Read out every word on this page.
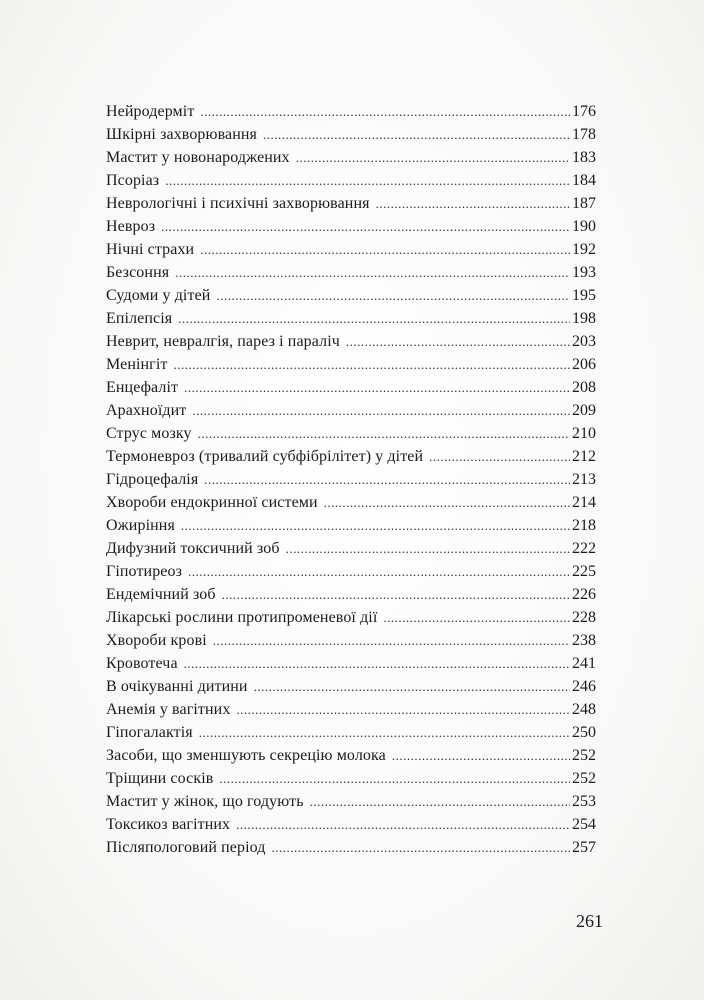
Нейродерміт .....	176
Шкірні захворювання .....	178
Мастит у новонароджених .....	183
Псоріаз .....	184
Неврологічні і психічні захворювання .....	187
Невроз .....	190
Нічні страхи .....	192
Безсоння .....	193
Судоми у дітей .....	195
Епілепсія .....	198
Неврит, невралгія, парез і параліч .....	203
Менінгіт .....	206
Енцефаліт .....	208
Арахноїдит .....	209
Струс мозку .....	210
Термоневроз (тривалий субфібрілітет) у дітей .....	212
Гідроцефалія .....	213
Хвороби ендокринної системи .....	214
Ожиріння .....	218
Дифузний токсичний зоб .....	222
Гіпотиреоз .....	225
Ендемічний зоб .....	226
Лікарські рослини протипроменевої дії .....	228
Хвороби крові .....	238
Кровотеча .....	241
В очікуванні дитини .....	246
Анемія у вагітних .....	248
Гіпогалактія .....	250
Засоби, що зменшують секрецію молока .....	252
Тріщини сосків .....	252
Мастит у жінок, що годують .....	253
Токсикоз вагітних .....	254
Післяпологовий період .....	257
261
